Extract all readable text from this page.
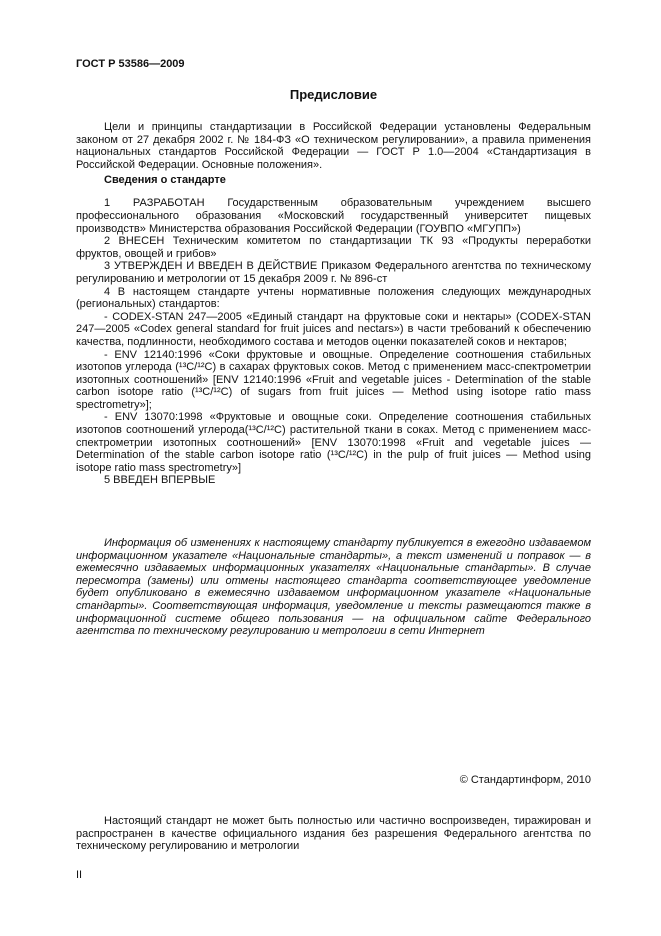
ГОСТ Р 53586—2009

Предисловие

Цели и принципы стандартизации в Российской Федерации установлены Федеральным законом от 27 декабря 2002 г. № 184-ФЗ «О техническом регулировании», а правила применения национальных стандартов Российской Федерации — ГОСТ Р 1.0—2004 «Стандартизация в Российской Федерации. Основные положения».

Сведения о стандарте

1 РАЗРАБОТАН Государственным образовательным учреждением высшего профессионального образования «Московский государственный университет пищевых производств» Министерства образования Российской Федерации (ГОУВПО «МГУПП»)

2 ВНЕСЕН Техническим комитетом по стандартизации ТК 93 «Продукты переработки фруктов, овощей и грибов»

3 УТВЕРЖДЕН И ВВЕДЕН В ДЕЙСТВИЕ Приказом Федерального агентства по техническому регулированию и метрологии от 15 декабря 2009 г. № 896-ст

4 В настоящем стандарте учтены нормативные положения следующих международных (региональных) стандартов:

- CODEX-STAN 247—2005 «Единый стандарт на фруктовые соки и нектары» (CODEX-STAN 247—2005 «Codex general standard for fruit juices and nectars») в части требований к обеспечению качества, подлинности, необходимого состава и методов оценки показателей соков и нектаров;

- ENV 12140:1996 «Соки фруктовые и овощные. Определение соотношения стабильных изотопов углерода (¹³C/¹²C) в сахарах фруктовых соков. Метод с применением масс-спектрометрии изотопных соотношений» [ENV 12140:1996 «Fruit and vegetable juices - Determination of the stable carbon isotope ratio (¹³C/¹²C) of sugars from fruit juices — Method using isotope ratio mass spectrometry»];

- ENV 13070:1998 «Фруктовые и овощные соки. Определение соотношения стабильных изотопов соотношений углерода(¹³C/¹²C) растительной ткани в соках. Метод с применением масс-спектрометрии изотопных соотношений» [ENV 13070:1998 «Fruit and vegetable juices — Determination of the stable carbon isotope ratio (¹³C/¹²C) in the pulp of fruit juices — Method using isotope ratio mass spectrometry»]

5 ВВЕДЕН ВПЕРВЫЕ

Информация об изменениях к настоящему стандарту публикуется в ежегодно издаваемом информационном указателе «Национальные стандарты», а текст изменений и поправок — в ежемесячно издаваемых информационных указателях «Национальные стандарты». В случае пересмотра (замены) или отмены настоящего стандарта соответствующее уведомление будет опубликовано в ежемесячно издаваемом информационном указателе «Национальные стандарты». Соответствующая информация, уведомление и тексты размещаются также в информационной системе общего пользования — на официальном сайте Федерального агентства по техническому регулированию и метрологии в сети Интернет

© Стандартинформ, 2010

Настоящий стандарт не может быть полностью или частично воспроизведен, тиражирован и распространен в качестве официального издания без разрешения Федерального агентства по техническому регулированию и метрологии

II
